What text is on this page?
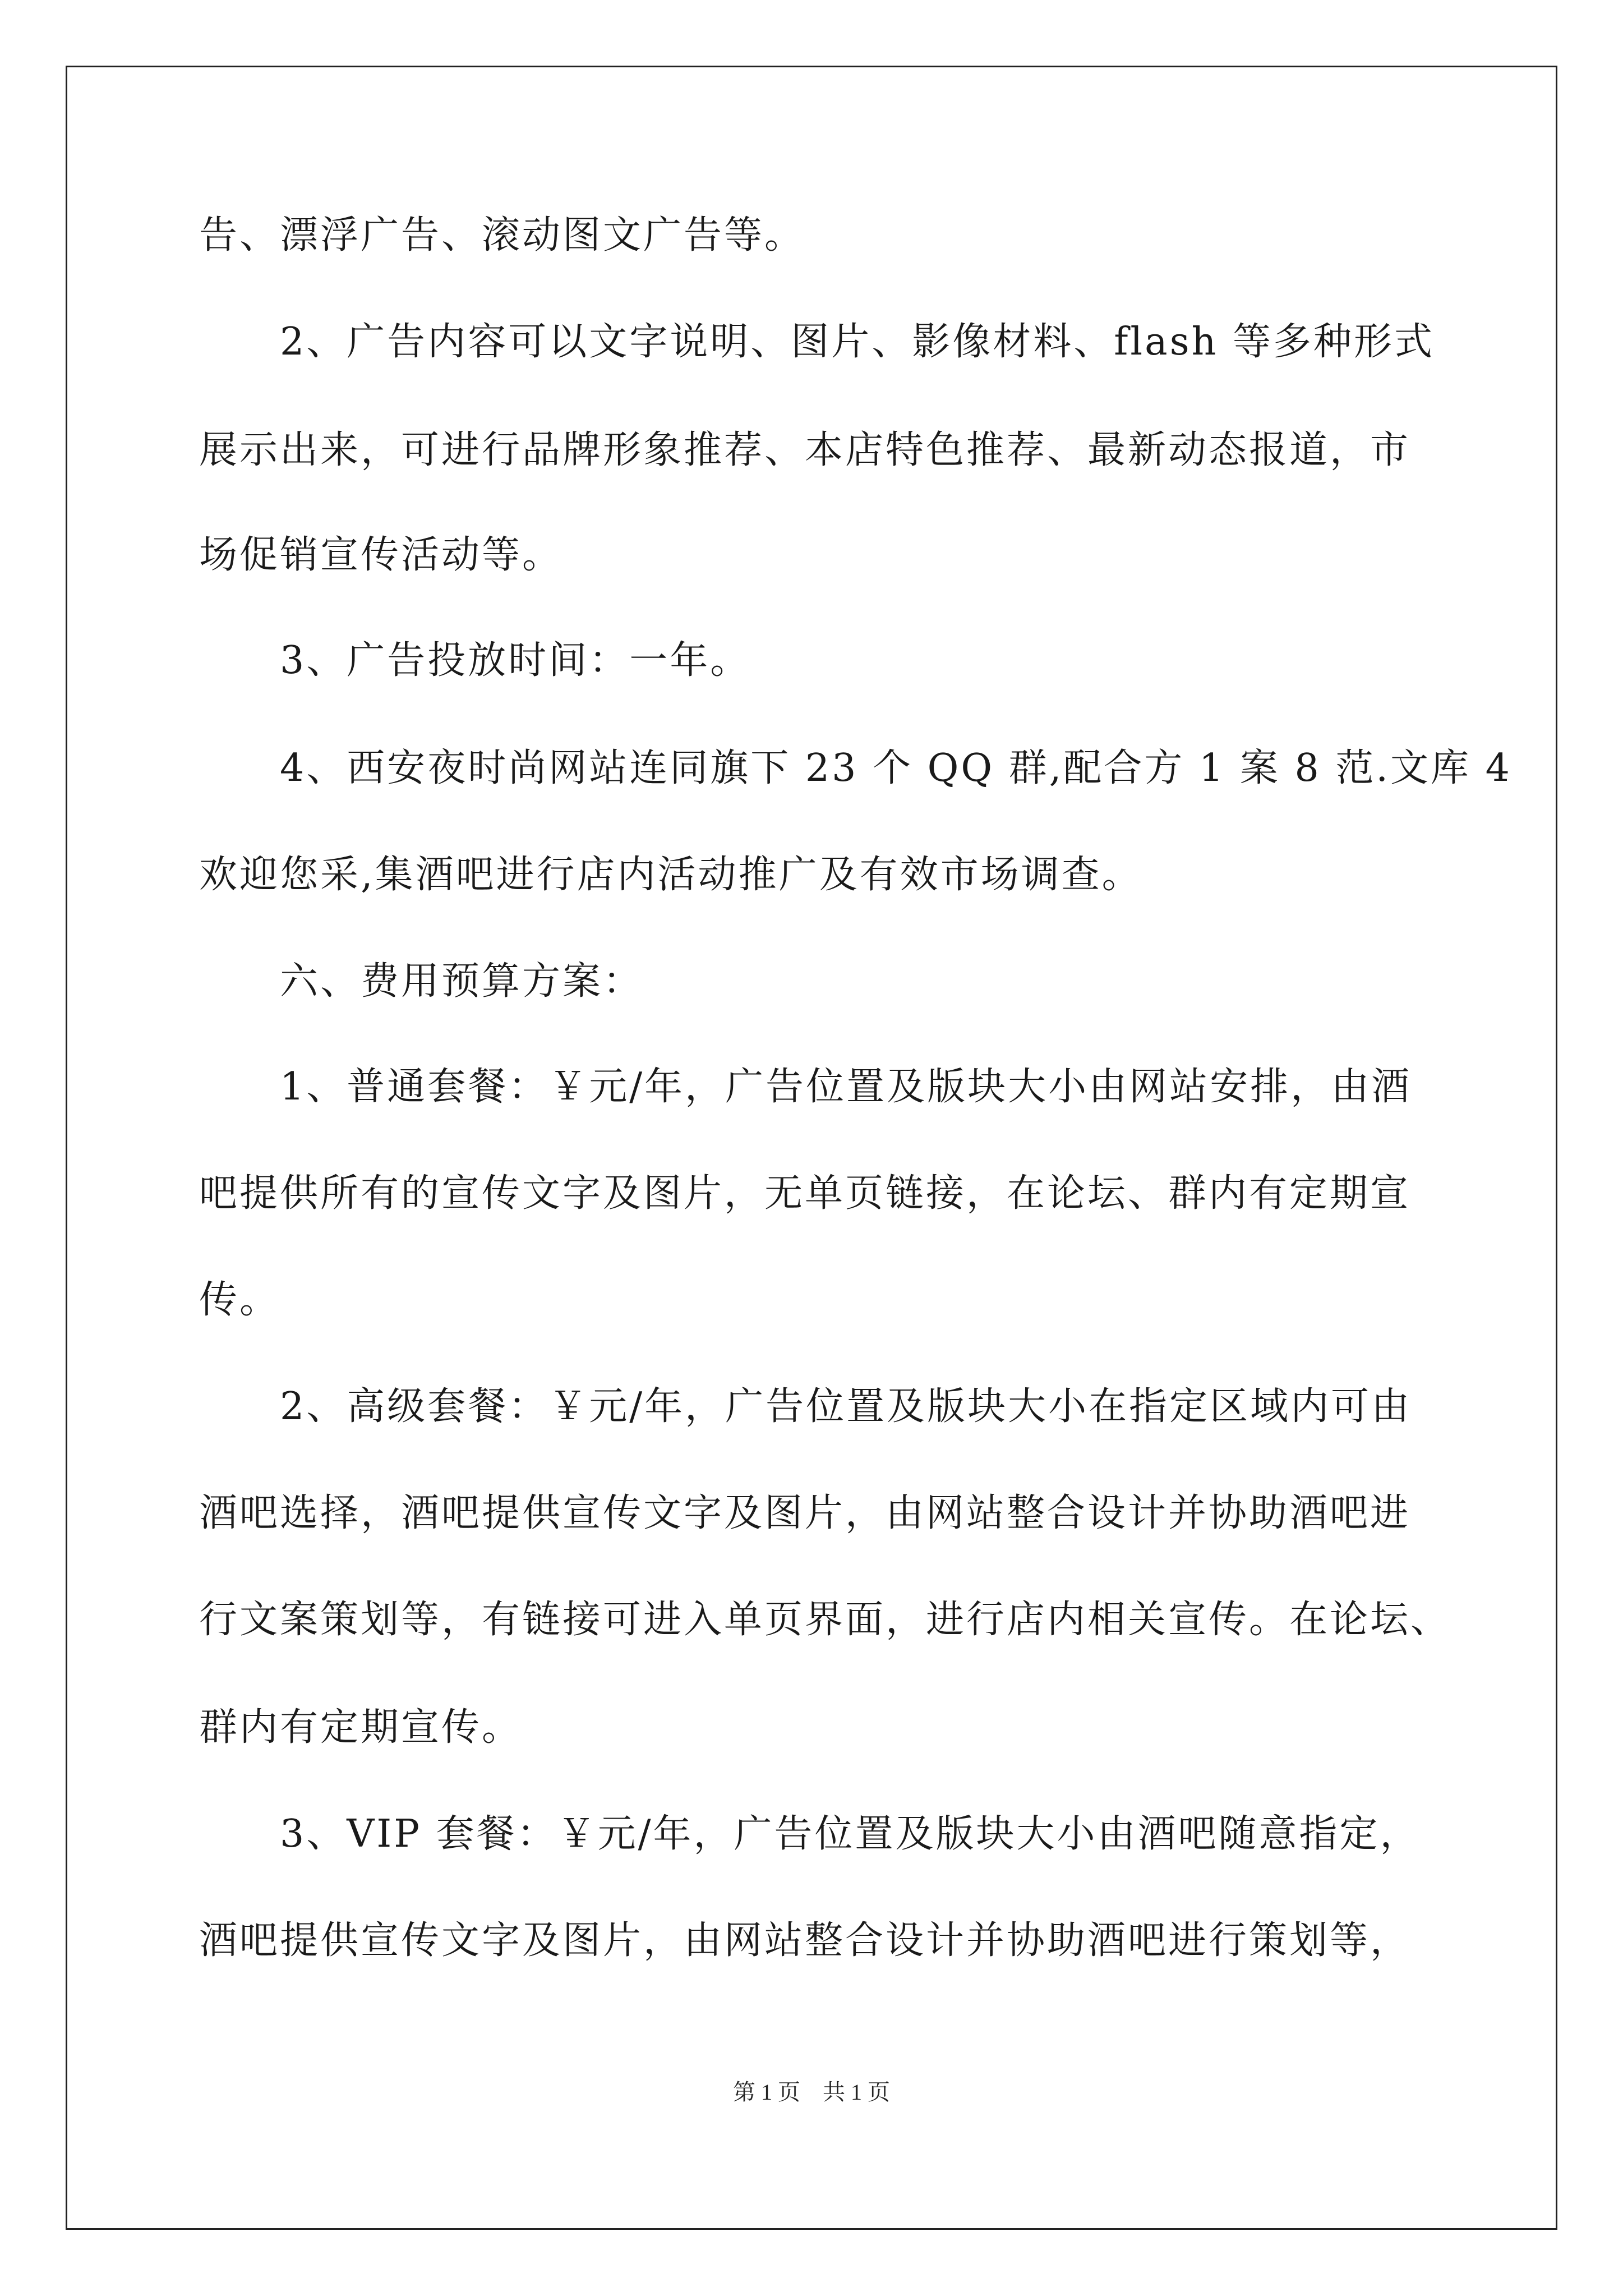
告、漂浮广告、滚动图文广告等。
　　2、广告内容可以文字说明、图片、影像材料、flash 等多种形式
展示出来，可进行品牌形象推荐、本店特色推荐、最新动态报道，市
场促销宣传活动等。
　　3、广告投放时间：一年。
　　4、西安夜时尚网站连同旗下 23 个 QQ 群,配合方 1 案 8 范.文库 4
欢迎您采,集酒吧进行店内活动推广及有效市场调查。
　　六、费用预算方案：
　　1、普通套餐：￥元/年，广告位置及版块大小由网站安排，由酒
吧提供所有的宣传文字及图片，无单页链接，在论坛、群内有定期宣
传。
　　2、高级套餐：￥元/年，广告位置及版块大小在指定区域内可由
酒吧选择，酒吧提供宣传文字及图片，由网站整合设计并协助酒吧进
行文案策划等，有链接可进入单页界面，进行店内相关宣传。在论坛、
群内有定期宣传。
　　3、VIP 套餐：￥元/年，广告位置及版块大小由酒吧随意指定，
酒吧提供宣传文字及图片，由网站整合设计并协助酒吧进行策划等，
第 1 页　共 1 页
